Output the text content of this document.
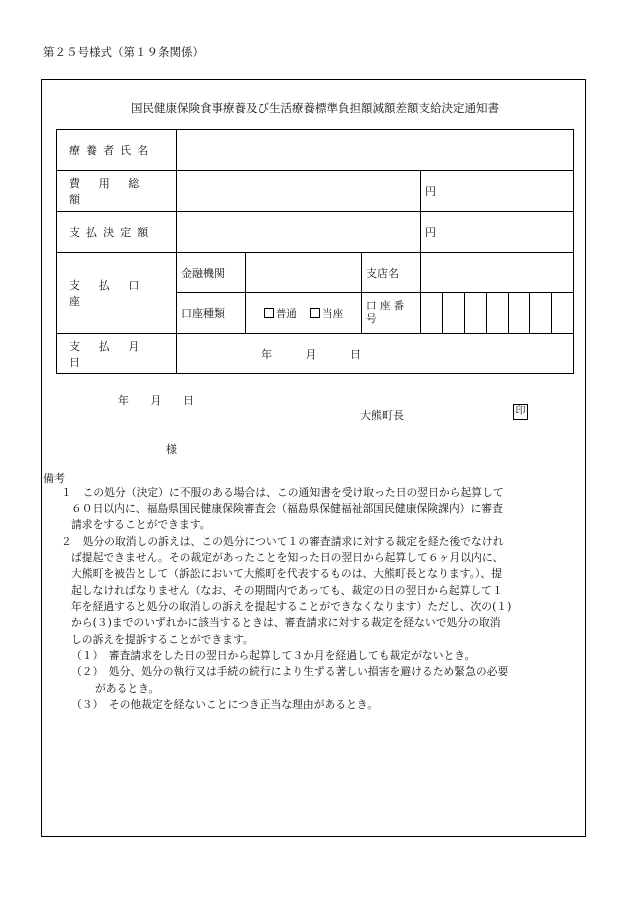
第２５号様式（第１９条関係）
国民健康保険食事療養及び生活療養標準負担額減額差額支給決定通知書
療養者氏名										
費用総額				円						
支払決定額				円						
支払口座	金融機関		支店名							
	口座種類	普通 当座	口 座 番
号							

支払月日	年 月 日									
年 月 日
大熊町長	印
様
備考
１　この処分（決定）に不服のある場合は、この通知書を受け取った日の翌日から起算して
６０日以内に、福島県国民健康保険審査会（福島県保健福祉部国民健康保険課内）に審査
請求をすることができます。
２　処分の取消しの訴えは、この処分について１の審査請求に対する裁定を経た後でなけれ
ば提起できません。その裁定があったことを知った日の翌日から起算して６ヶ月以内に、
大熊町を被告として（訴訟において大熊町を代表するものは、大熊町長となります。）、提
起しなければなりません（なお、その期間内であっても、裁定の日の翌日から起算して１
年を経過すると処分の取消しの訴えを提起することができなくなります）ただし、次の(１)
から(３)までのいずれかに該当するときは、審査請求に対する裁定を経ないで処分の取消
しの訴えを提訴することができます。
（１）　審査請求をした日の翌日から起算して３か月を経過しても裁定がないとき。
（２）　処分、処分の執行又は手続の続行により生ずる著しい損害を避けるため緊急の必要
があるとき。
（３）　その他裁定を経ないことにつき正当な理由があるとき。
